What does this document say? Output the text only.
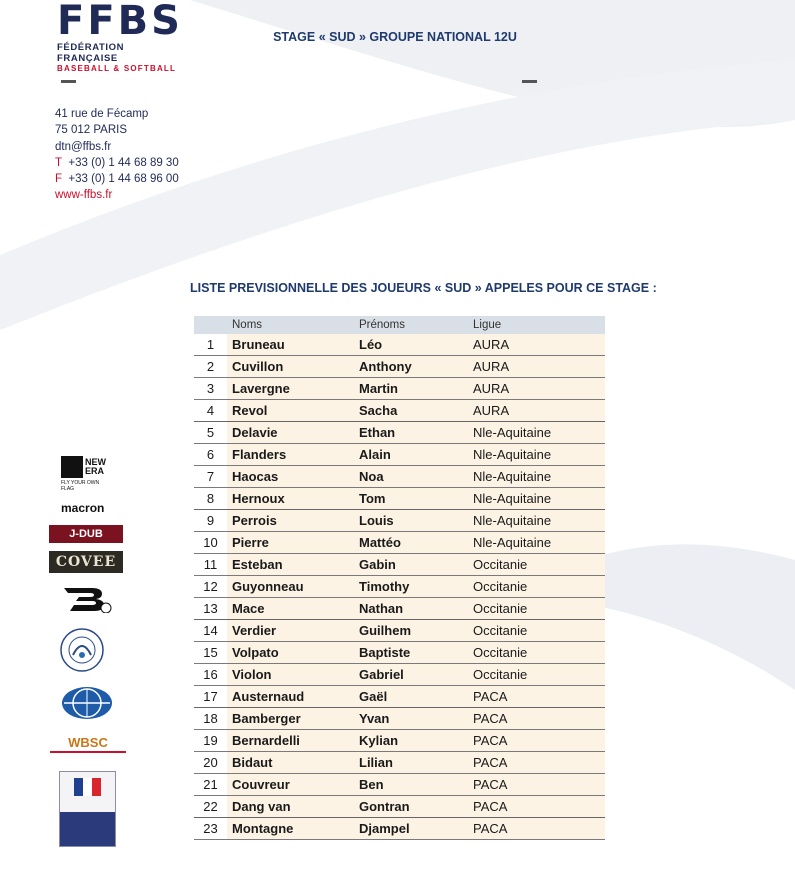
FFBS
FÉDÉRATION FRANÇAISE
BASEBALL & SOFTBALL
STAGE « SUD » GROUPE NATIONAL 12U
41 rue de Fécamp
75 012 PARIS
dtn@ffbs.fr
T +33 (0) 1 44 68 89 30
F +33 (0) 1 44 68 96 00
www-ffbs.fr
LISTE PREVISIONNELLE DES JOUEURS « SUD » APPELES POUR CE STAGE :
	Noms	Prénoms	Ligue
1	Bruneau	Léo	AURA
2	Cuvillon	Anthony	AURA
3	Lavergne	Martin	AURA
4	Revol	Sacha	AURA
5	Delavie	Ethan	Nle-Aquitaine
6	Flanders	Alain	Nle-Aquitaine
7	Haocas	Noa	Nle-Aquitaine
8	Hernoux	Tom	Nle-Aquitaine
9	Perrois	Louis	Nle-Aquitaine
10	Pierre	Mattéo	Nle-Aquitaine
11	Esteban	Gabin	Occitanie
12	Guyonneau	Timothy	Occitanie
13	Mace	Nathan	Occitanie
14	Verdier	Guilhem	Occitanie
15	Volpato	Baptiste	Occitanie
16	Violon	Gabriel	Occitanie
17	Austernaud	Gaël	PACA
18	Bamberger	Yvan	PACA
19	Bernardelli	Kylian	PACA
20	Bidaut	Lilian	PACA
21	Couvreur	Ben	PACA
22	Dang van	Gontran	PACA
23	Montagne	Djampel	PACA
NEW ERA
FLY YOUR OWN FLAG
macron
J-DUB
COVEE
WBSC
